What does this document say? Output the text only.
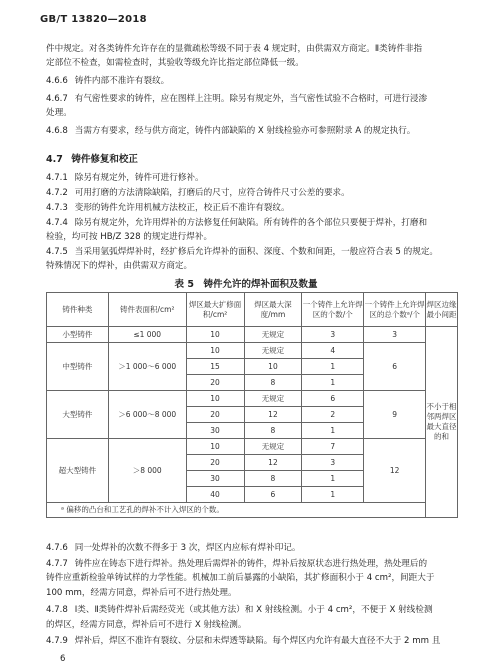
GB/T 13820—2018
件中规定。对各类铸件允许存在的显微疏松等级不同于表 4 规定时，由供需双方商定。Ⅱ类铸件非指
定部位不检查，如需检查时，其验收等级允许比指定部位降低一级。
4.6.6 铸件内部不准许有裂纹。
4.6.7 有气密性要求的铸件，应在图样上注明。除另有规定外，当气密性试验不合格时，可进行浸渗
处理。
4.6.8 当需方有要求，经与供方商定，铸件内部缺陷的 X 射线检验亦可参照附录 A 的规定执行。
4.7 铸件修复和校正
4.7.1 除另有规定外，铸件可进行修补。
4.7.2 可用打磨的方法清除缺陷，打磨后的尺寸，应符合铸件尺寸公差的要求。
4.7.3 变形的铸件允许用机械方法校正，校正后不准许有裂纹。
4.7.4 除另有规定外，允许用焊补的方法修复任何缺陷。所有铸件的各个部位只要便于焊补，打磨和
检验，均可按 HB/Z 328 的规定进行焊补。
4.7.5 当采用氩弧焊焊补时，经扩修后允许焊补的面积、深度、个数和间距，一般应符合表 5 的规定。
特殊情况下的焊补，由供需双方商定。
表 5　铸件允许的焊补面积及数量
铸件种类	铸件表面积/cm²	焊区最大扩修面积/cm²	焊区最大深度/mm	一个铸件上允许焊区的个数/个	一个铸件上允许焊区的总个数ᵃ/个	焊区边缘最小间距
小型铸件	≤1 000	10	无规定	3	3	不小于相邻两焊区最大直径的和
中型铸件	＞1 000～6 000	10	无规定	4	6	
		15	10	1		
		20	8	1		
大型铸件	＞6 000～8 000	10	无规定	6	9	
		20	12	2		
		30	8	1		
超大型铸件	＞8 000	10	无规定	7	12	
		20	12	3		
		30	8	1		
		40	6	1		
ᵃ 偏移的凸台和工艺孔的焊补不计入焊区的个数。						
4.7.6 同一处焊补的次数不得多于 3 次，焊区内应标有焊补印记。
4.7.7 铸件应在铸态下进行焊补。热处理后需焊补的铸件，焊补后按原状态进行热处理，热处理后的
铸件应重新检验单铸试样的力学性能。机械加工前后暴露的小缺陷，其扩修面积小于 4 cm²，间距大于
100 mm，经需方同意，焊补后可不进行热处理。
4.7.8 Ⅰ类、Ⅱ类铸件焊补后需经荧光（或其他方法）和 X 射线检测。小于 4 cm²，不便于 X 射线检测
的焊区，经需方同意，焊补后可不进行 X 射线检测。
4.7.9 焊补后，焊区不准许有裂纹、分层和未焊透等缺陷。每个焊区内允许有最大直径不大于 2 mm 且
6
